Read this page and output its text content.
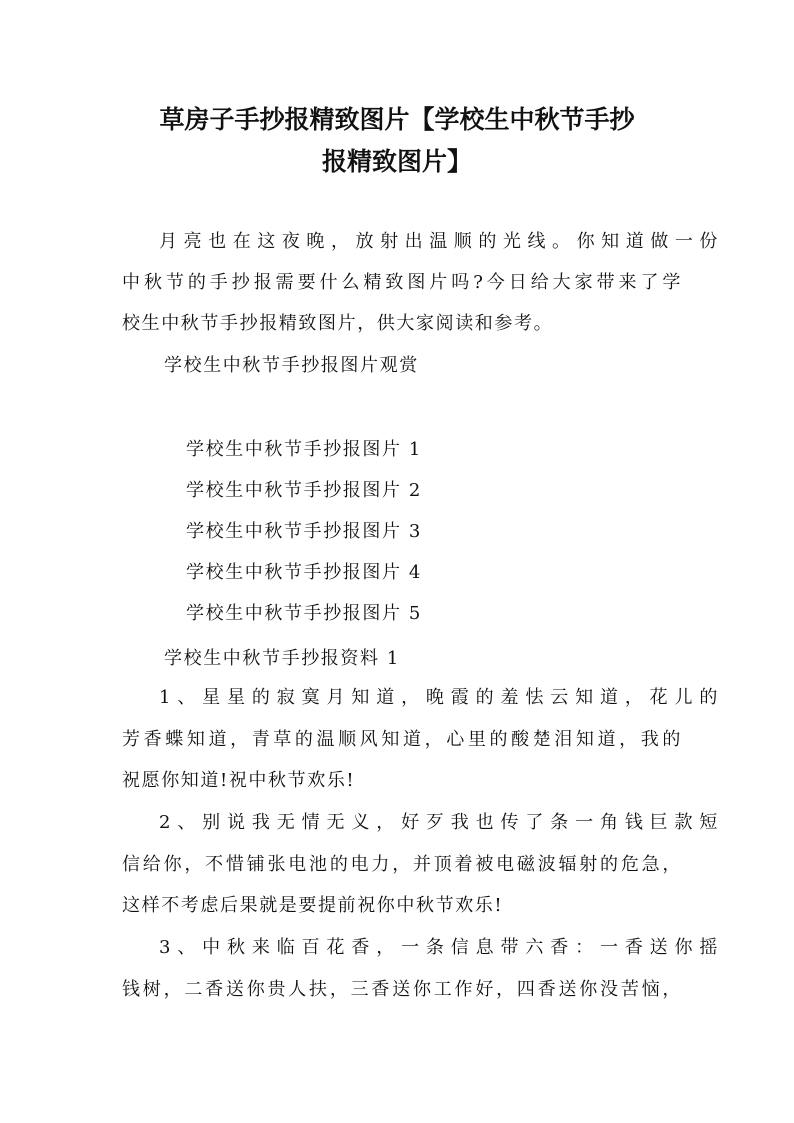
草房子手抄报精致图片【学校生中秋节手抄
报精致图片】
月亮也在这夜晚，放射出温顺的光线。你知道做一份
中秋节的手抄报需要什么精致图片吗?今日给大家带来了学
校生中秋节手抄报精致图片，供大家阅读和参考。
学校生中秋节手抄报图片观赏
学校生中秋节手抄报图片 1
学校生中秋节手抄报图片 2
学校生中秋节手抄报图片 3
学校生中秋节手抄报图片 4
学校生中秋节手抄报图片 5
学校生中秋节手抄报资料 1
1、星星的寂寞月知道，晚霞的羞怯云知道，花儿的
芳香蝶知道，青草的温顺风知道，心里的酸楚泪知道，我的
祝愿你知道!祝中秋节欢乐!
2、别说我无情无义，好歹我也传了条一角钱巨款短
信给你，不惜铺张电池的电力，并顶着被电磁波辐射的危急，
这样不考虑后果就是要提前祝你中秋节欢乐!
3、中秋来临百花香，一条信息带六香：一香送你摇
钱树，二香送你贵人扶，三香送你工作好，四香送你没苦恼，
